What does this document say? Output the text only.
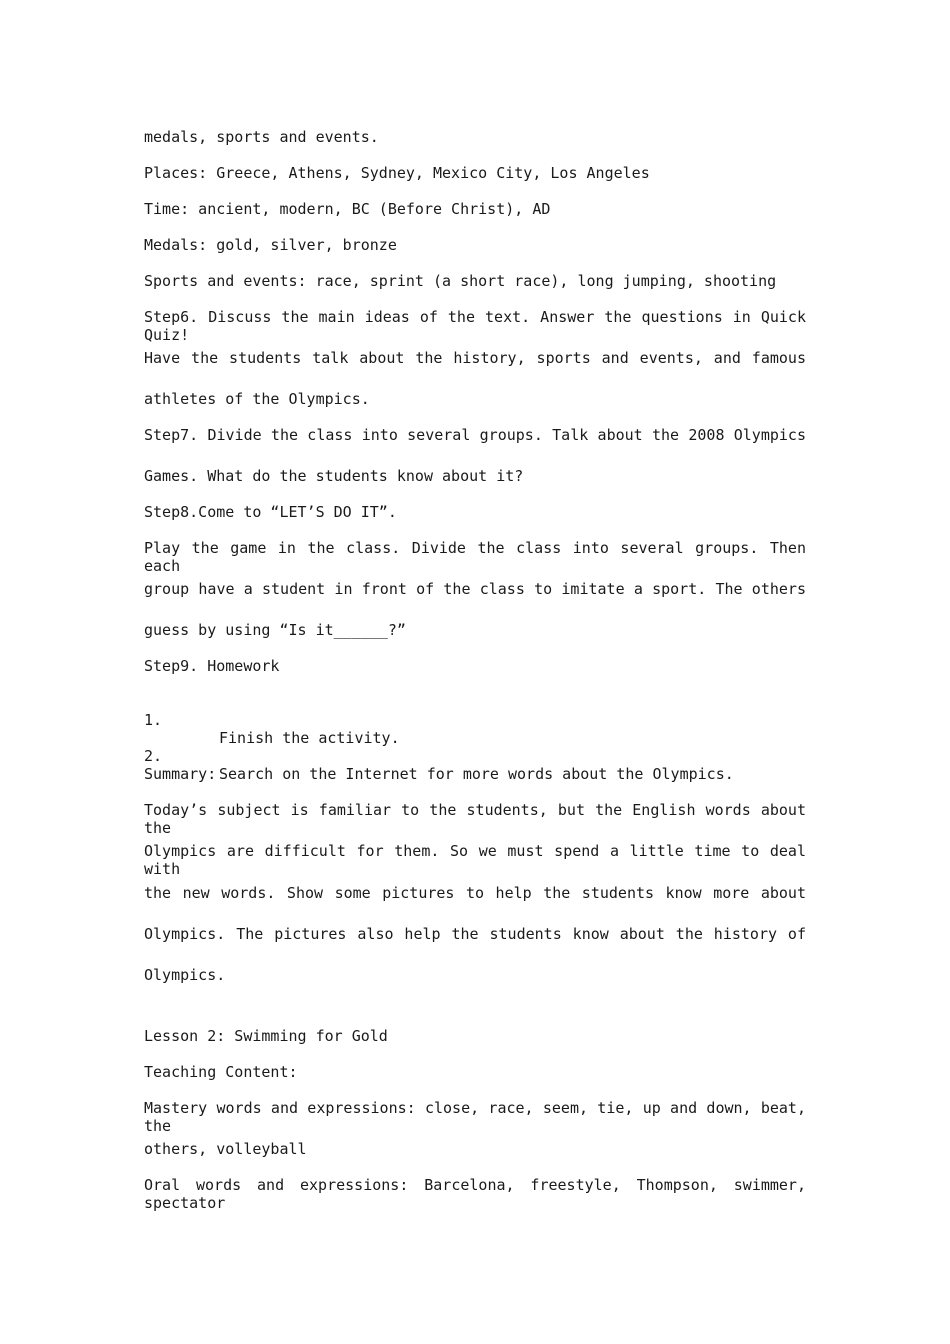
medals, sports and events.
Places: Greece, Athens, Sydney, Mexico City, Los Angeles
Time: ancient, modern, BC (Before Christ), AD
Medals: gold, silver, bronze
Sports and events: race, sprint (a short race), long jumping, shooting
Step6. Discuss the main ideas of the text. Answer the questions in Quick Quiz!
Have the students talk about the history, sports and events, and famous
athletes of the Olympics.
Step7. Divide the class into several groups. Talk about the 2008 Olympics
Games. What do the students know about it?
Step8.Come to “LET’S DO IT”.
Play the game in the class. Divide the class into several groups. Then each
group have a student in front of the class to imitate a sport. The others
guess by using “Is it______?”
Step9. Homework

1.

Finish the activity.

2.

Search on the Internet for more words about the Olympics.

Summary:
Today’s subject is familiar to the students, but the English words about the
Olympics are difficult for them. So we must spend a little time to deal with
the new words. Show some pictures to help the students know more about
Olympics. The pictures also help the students know about the history of
Olympics.
Lesson 2: Swimming for Gold
Teaching Content:
Mastery words and expressions: close, race, seem, tie, up and down, beat, the
others, volleyball
Oral words and expressions: Barcelona, freestyle, Thompson, swimmer, spectator
